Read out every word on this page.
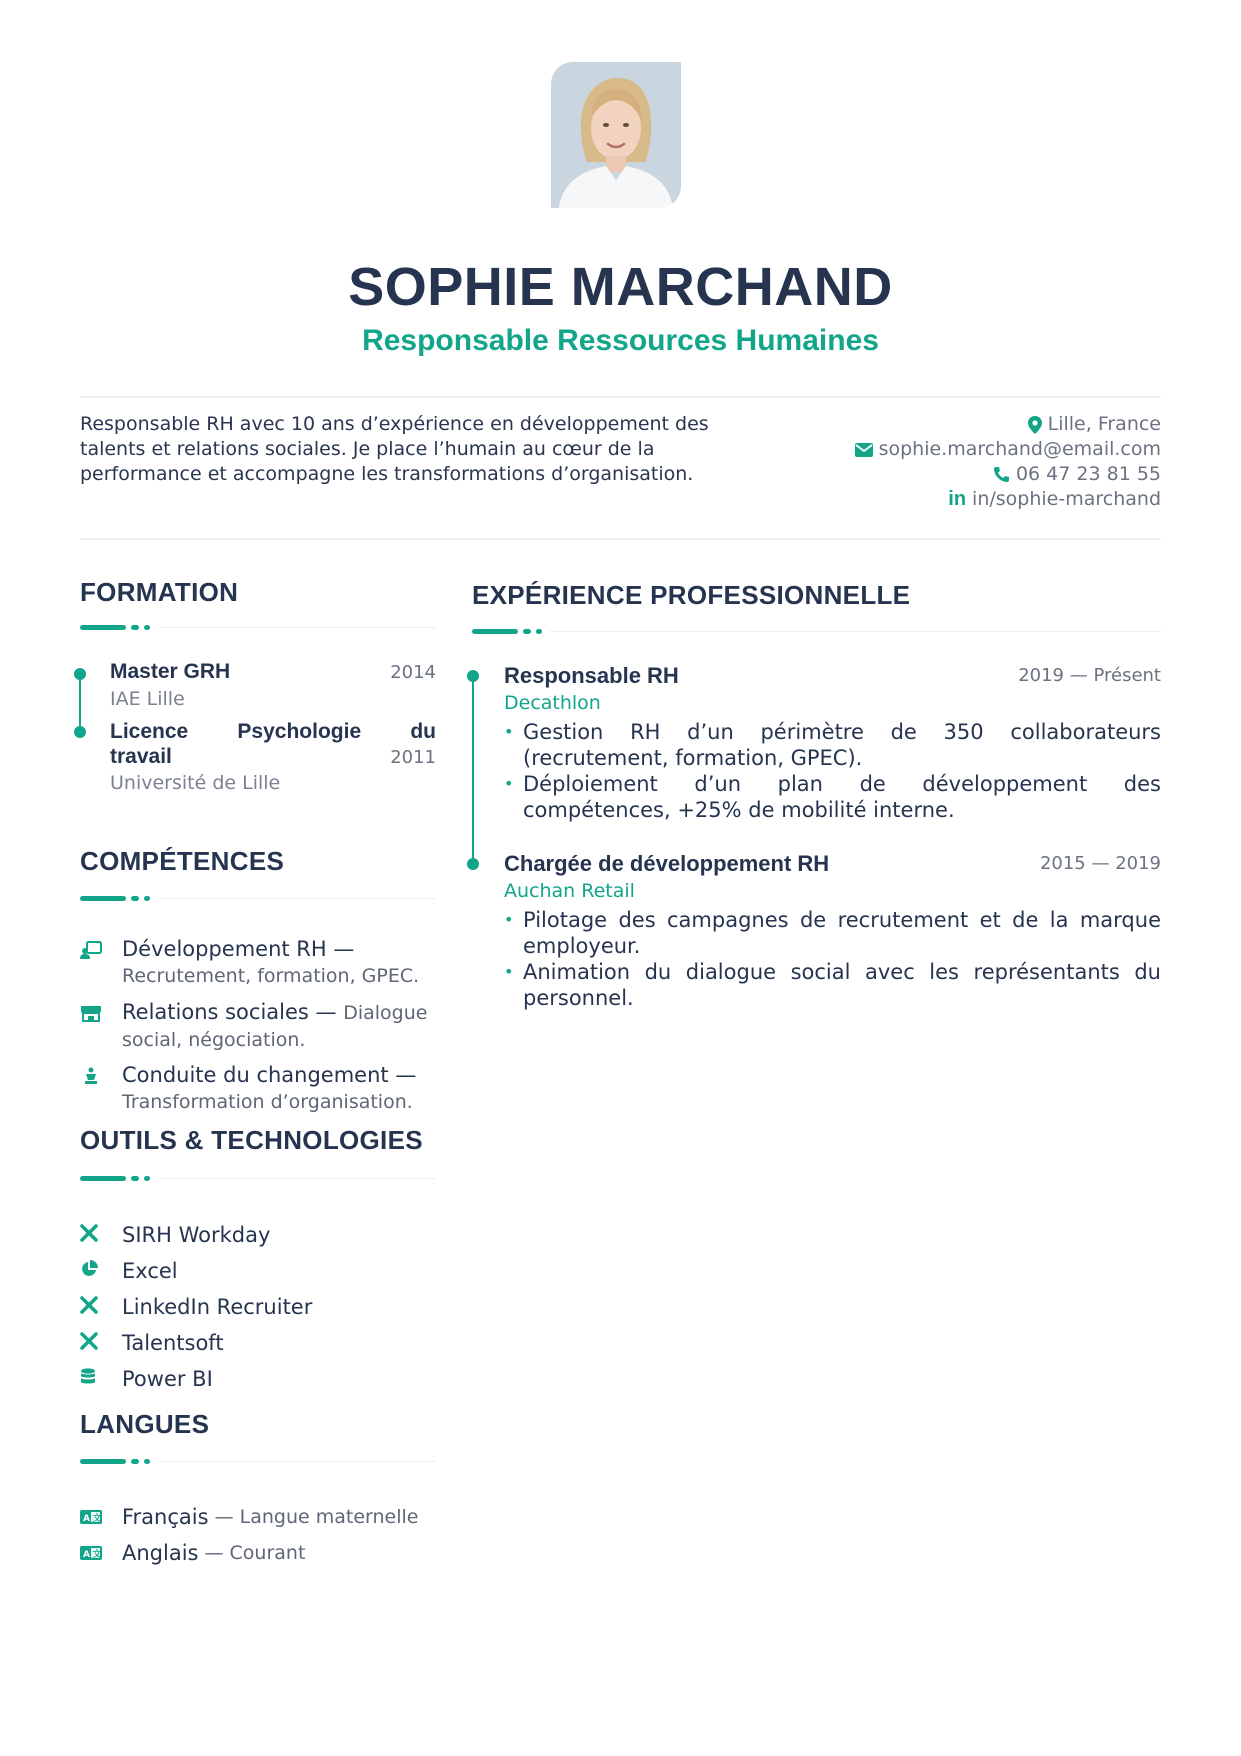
SOPHIE MARCHAND
Responsable Ressources Humaines
Responsable RH avec 10 ans d’expérience en développement des talents et relations sociales. Je place l’humain au cœur de la performance et accompagne les transformations d’organisation.
Lille, France
sophie.marchand@email.com
06 47 23 81 55
in in/sophie-marchand
FORMATION
Master GRH	2014
IAE Lille
Licence Psychologie du
travail	2011
Université de Lille
COMPÉTENCES
Développement RH — Recrutement, formation, GPEC.
Relations sociales — Dialogue social, négociation.
Conduite du changement — Transformation d’organisation.
OUTILS & TECHNOLOGIES
SIRH Workday
Excel
LinkedIn Recruiter
Talentsoft
Power BI
LANGUES
A 文 Français — Langue maternelle
A 文 Anglais — Courant
EXPÉRIENCE PROFESSIONNELLE
Responsable RH	2019 — Présent
Decathlon
• Gestion RH d’un périmètre de 350 collaborateurs (recrutement, formation, GPEC).
• Déploiement d’un plan de développement des compétences, +25% de mobilité interne.
Chargée de développement RH	2015 — 2019
Auchan Retail
• Pilotage des campagnes de recrutement et de la marque employeur.
• Animation du dialogue social avec les représentants du personnel.
